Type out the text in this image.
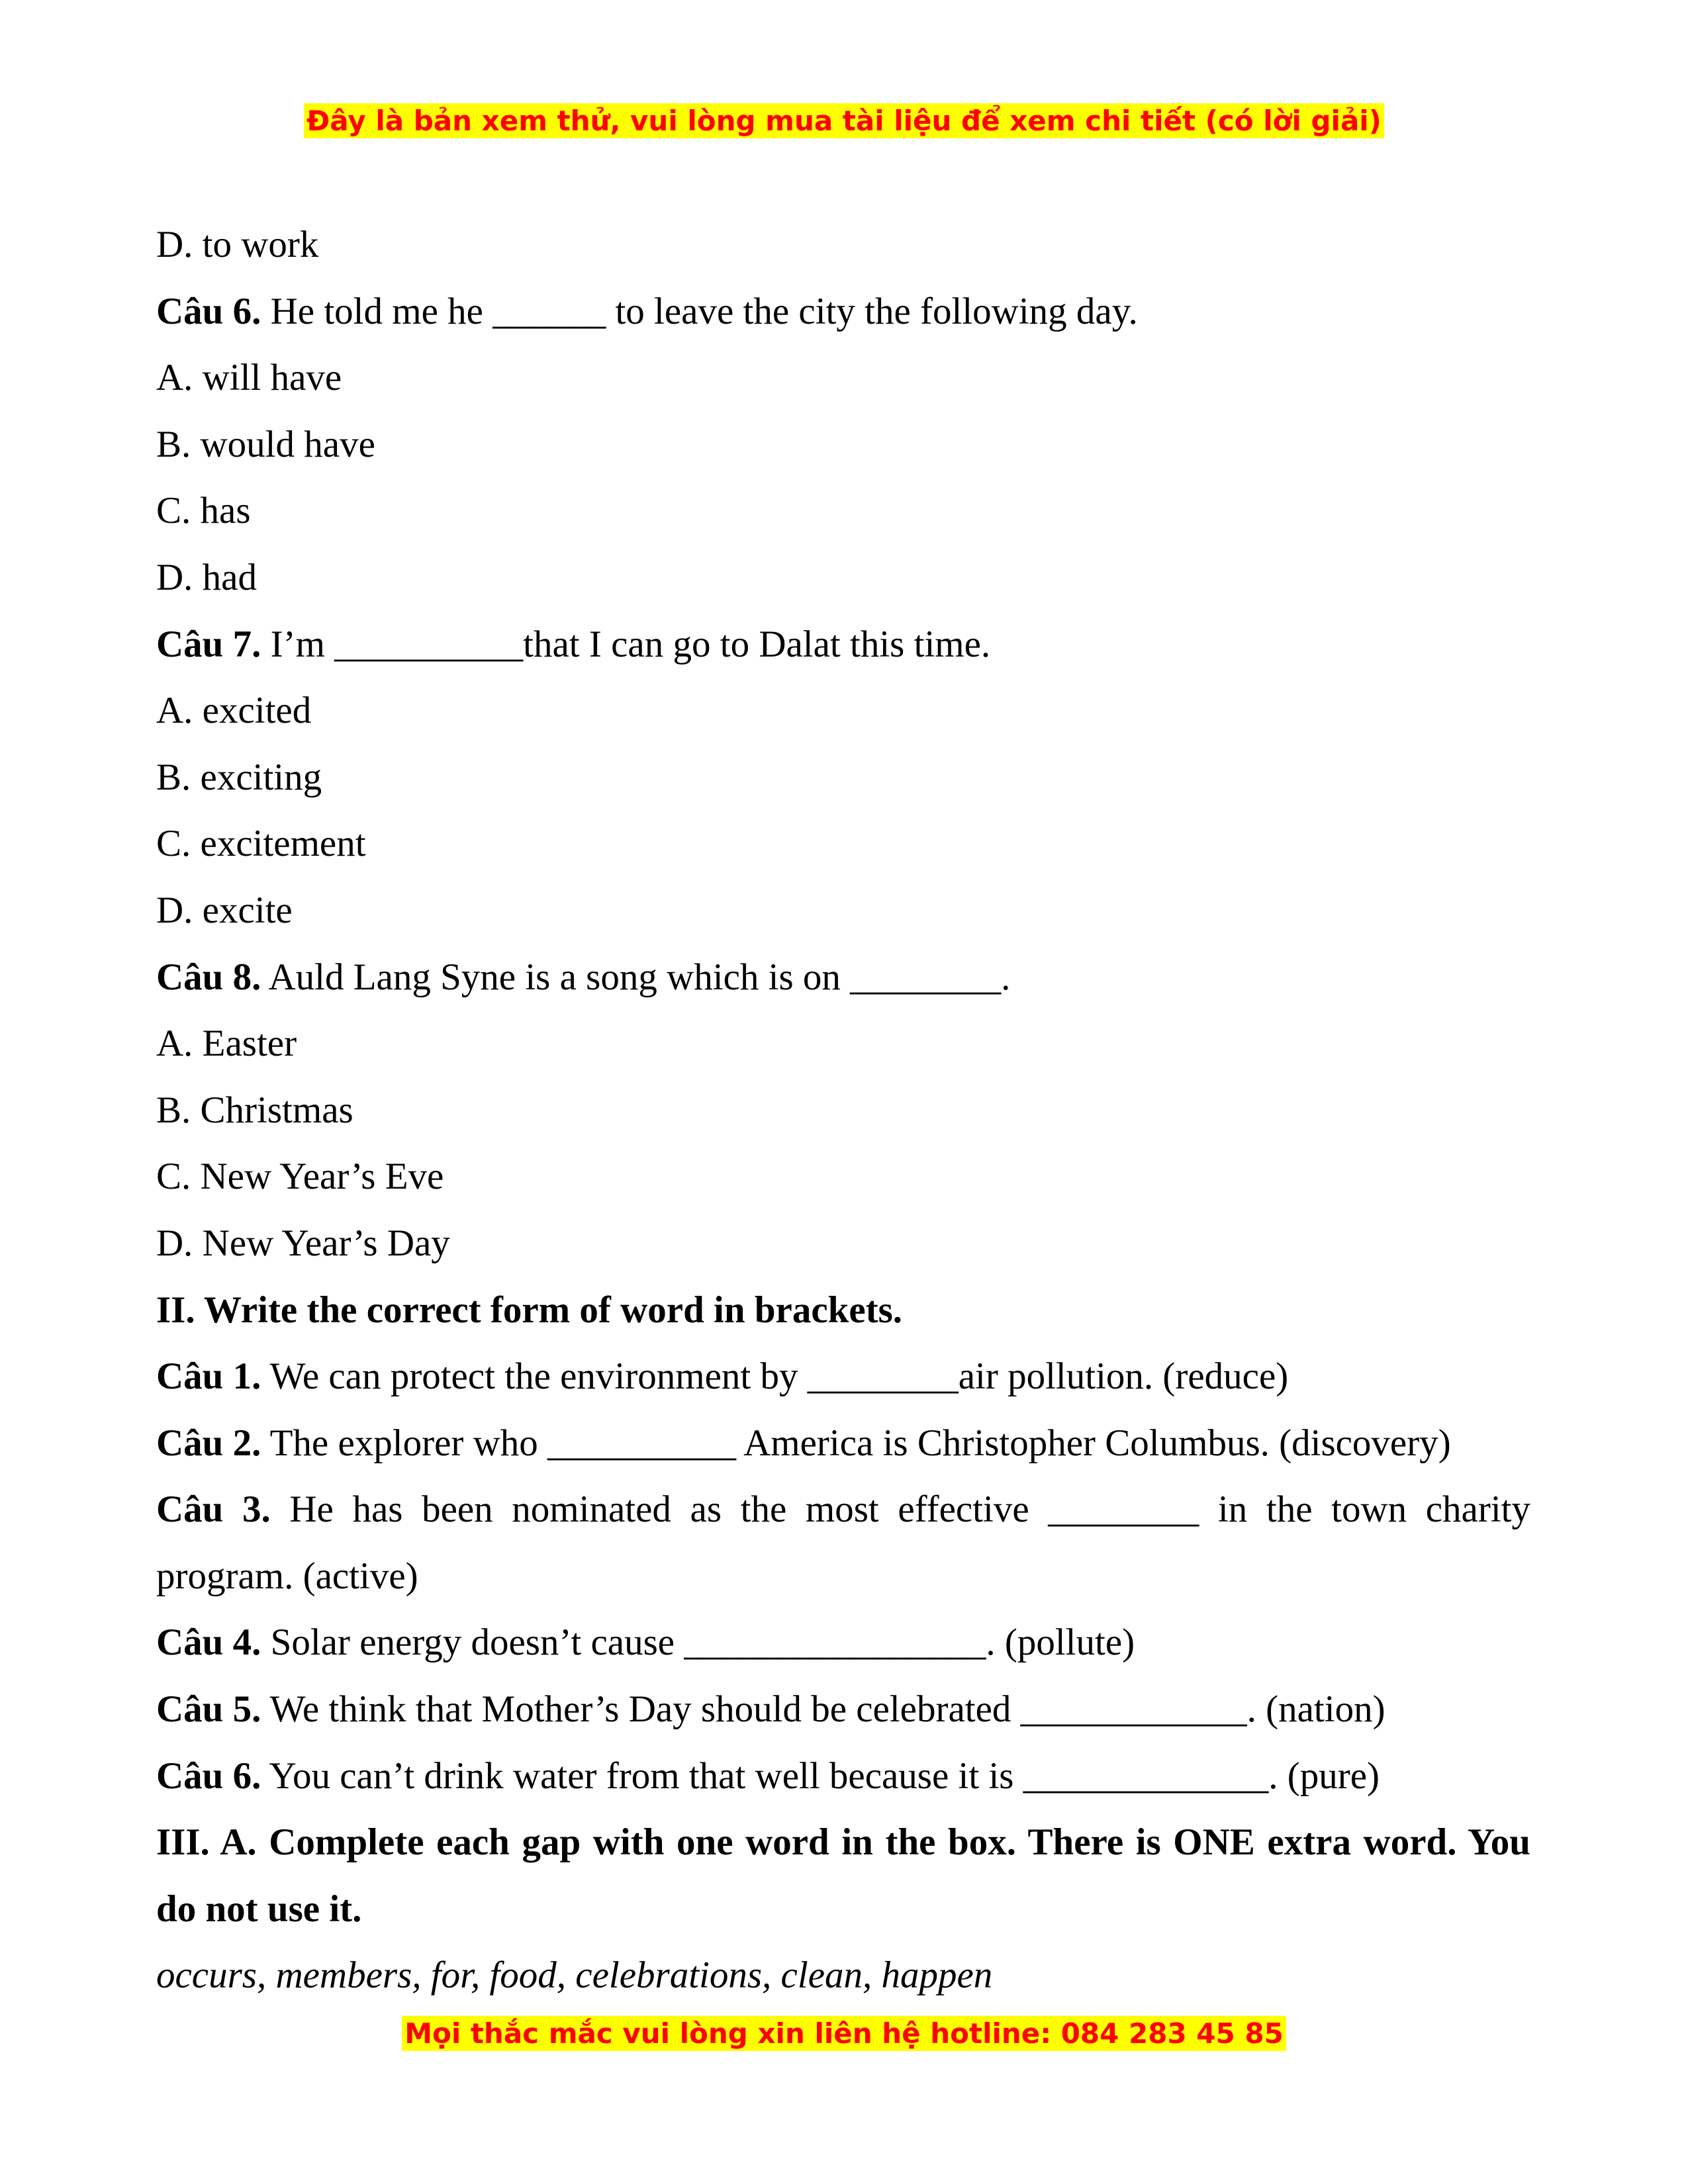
Đây là bản xem thử, vui lòng mua tài liệu để xem chi tiết (có lời giải)
D. to work
Câu 6. He told me he ______ to leave the city the following day.
A. will have
B. would have
C. has
D. had
Câu 7. I’m __________that I can go to Dalat this time.
A. excited
B. exciting
C. excitement
D. excite
Câu 8. Auld Lang Syne is a song which is on ________.
A. Easter
B. Christmas
C. New Year’s Eve
D. New Year’s Day
II. Write the correct form of word in brackets.
Câu 1. We can protect the environment by ________air pollution. (reduce)
Câu 2. The explorer who __________ America is Christopher Columbus. (discovery)
Câu 3. He has been nominated as the most effective ________ in the town charity
program. (active)
Câu 4. Solar energy doesn’t cause ________________. (pollute)
Câu 5. We think that Mother’s Day should be celebrated ____________. (nation)
Câu 6. You can’t drink water from that well because it is _____________. (pure)
III. A. Complete each gap with one word in the box. There is ONE extra word. You
do not use it.
occurs, members, for, food, celebrations, clean, happen
Mọi thắc mắc vui lòng xin liên hệ hotline: 084 283 45 85
